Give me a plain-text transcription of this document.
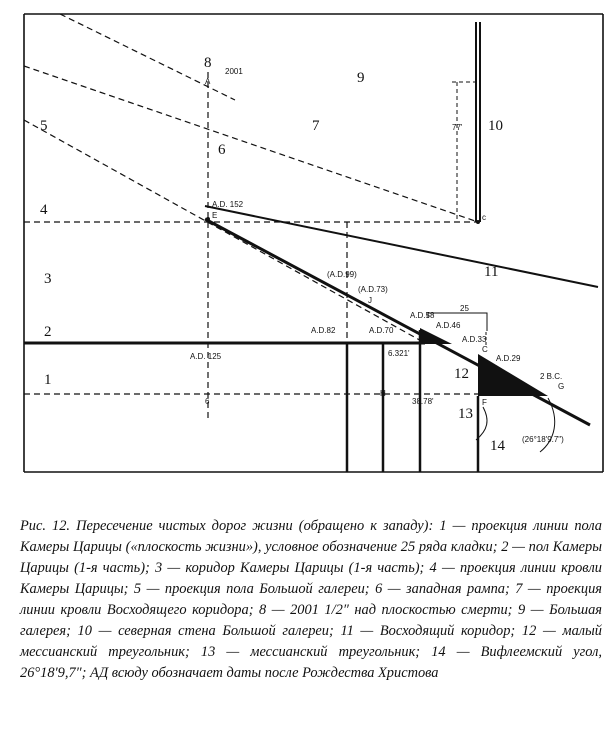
1
2
3
4
5
6
6
7
8
9
10
11
12
13
14
2001
A
A.D. 152
E
(A.D.99)
(A.D.73)
J
A.D.82	A.D.70
A.D.58
A.D.46
A.D.33
A.D.29
A.D. 125	6.321'
38.78'
77'
25
c
C
F
G
H
2 B.C.
(26°18'9.7")

Рис. 12. Пересечение чистых дорог жизни (обращено к западу): 1 — проекция линии пола Камеры Царицы («плоскость жизни»), условное обозначение 25 ряда кладки; 2 — пол Камеры Царицы (1-я часть); 3 — коридор Камеры Царицы (1-я часть); 4 — проекция линии кровли Камеры Царицы; 5 — проекция пола Большой галереи; 6 — западная рампа; 7 — проекция линии кровли Восходящего коридора; 8 — 2001 1/2″ над плоскостью смерти; 9 — Большая галерея; 10 — северная стена Большой галереи; 11 — Восходящий коридор; 12 — малый мессианский треугольник; 13 — мессианский треугольник; 14 — Вифлеемский угол, 26°18′9,7″; АД всюду обозначает даты после Рождества Христова
